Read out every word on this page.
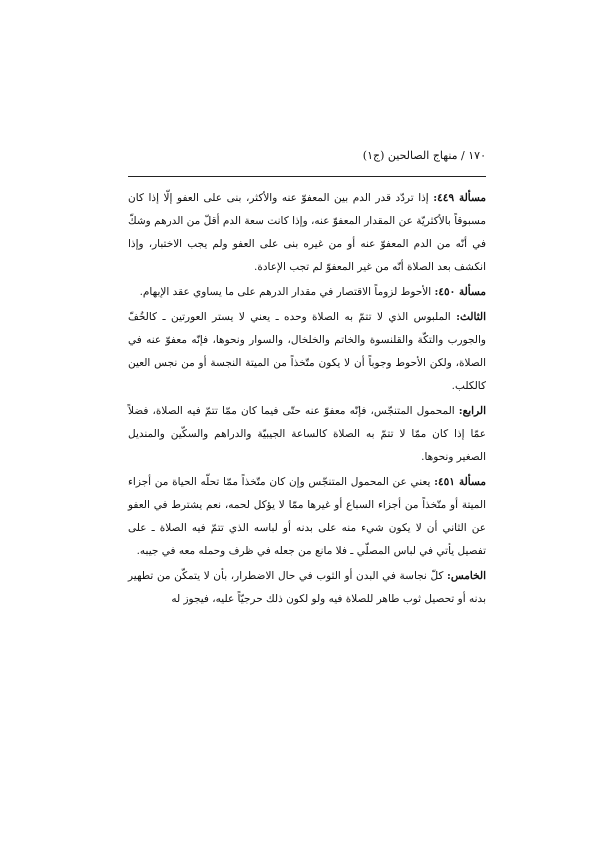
١٧٠ / منهاج الصالحين (ج١)

مسألة ٤٤٩: إذا تردّد قدر الدم بين المعفوّ عنه والأكثر، بنى على العفو إلّا إذا كان مسبوقاً بالأكثريّة عن المقدار المعفوّ عنه، وإذا كانت سعة الدم أقلّ من الدرهم وشكّ في أنّه من الدم المعفوّ عنه أو من غيره بنى على العفو ولم يجب الاختبار، وإذا انكشف بعد الصلاة أنّه من غير المعفوّ لم تجب الإعادة.

مسألة ٤٥٠: الأحوط لزوماً الاقتصار في مقدار الدرهم على ما يساوي عقد الإبهام.

الثالث: الملبوس الذي لا تتمّ به الصلاة وحده ـ يعني لا يستر العورتين ـ كالخُفّ والجورب والتكّة والقلنسوة والخاتم والخلخال، والسوار ونحوها، فإنّه معفوّ عنه في الصلاة، ولكن الأحوط وجوباً أن لا يكون متّخذاً من الميتة النجسة أو من نجس العين كالكلب.

الرابع: المحمول المتنجّس، فإنّه معفوّ عنه حتّى فيما كان ممّا تتمّ فيه الصلاة، فضلاً عمّا إذا كان ممّا لا تتمّ به الصلاة كالساعة الجيبيّة والدراهم والسكّين والمنديل الصغير ونحوها.

مسألة ٤٥١: يعني عن المحمول المتنجّس وإن كان متّخذاً ممّا تحلّه الحياة من أجزاء الميتة أو متّخذاً من أجزاء السباع أو غيرها ممّا لا يؤكل لحمه، نعم يشترط في العفو عن الثاني أن لا يكون شيء منه على بدنه أو لباسه الذي تتمّ فيه الصلاة ـ على تفصيل يأتي في لباس المصلّي ـ فلا مانع من جعله في ظرف وحمله معه في جيبه.

الخامس: كلّ نجاسة في البدن أو الثوب في حال الاضطرار، بأن لا يتمكّن من تطهير بدنه أو تحصيل ثوب طاهر للصلاة فيه ولو لكون ذلك حرجيّاً عليه، فيجوز له
